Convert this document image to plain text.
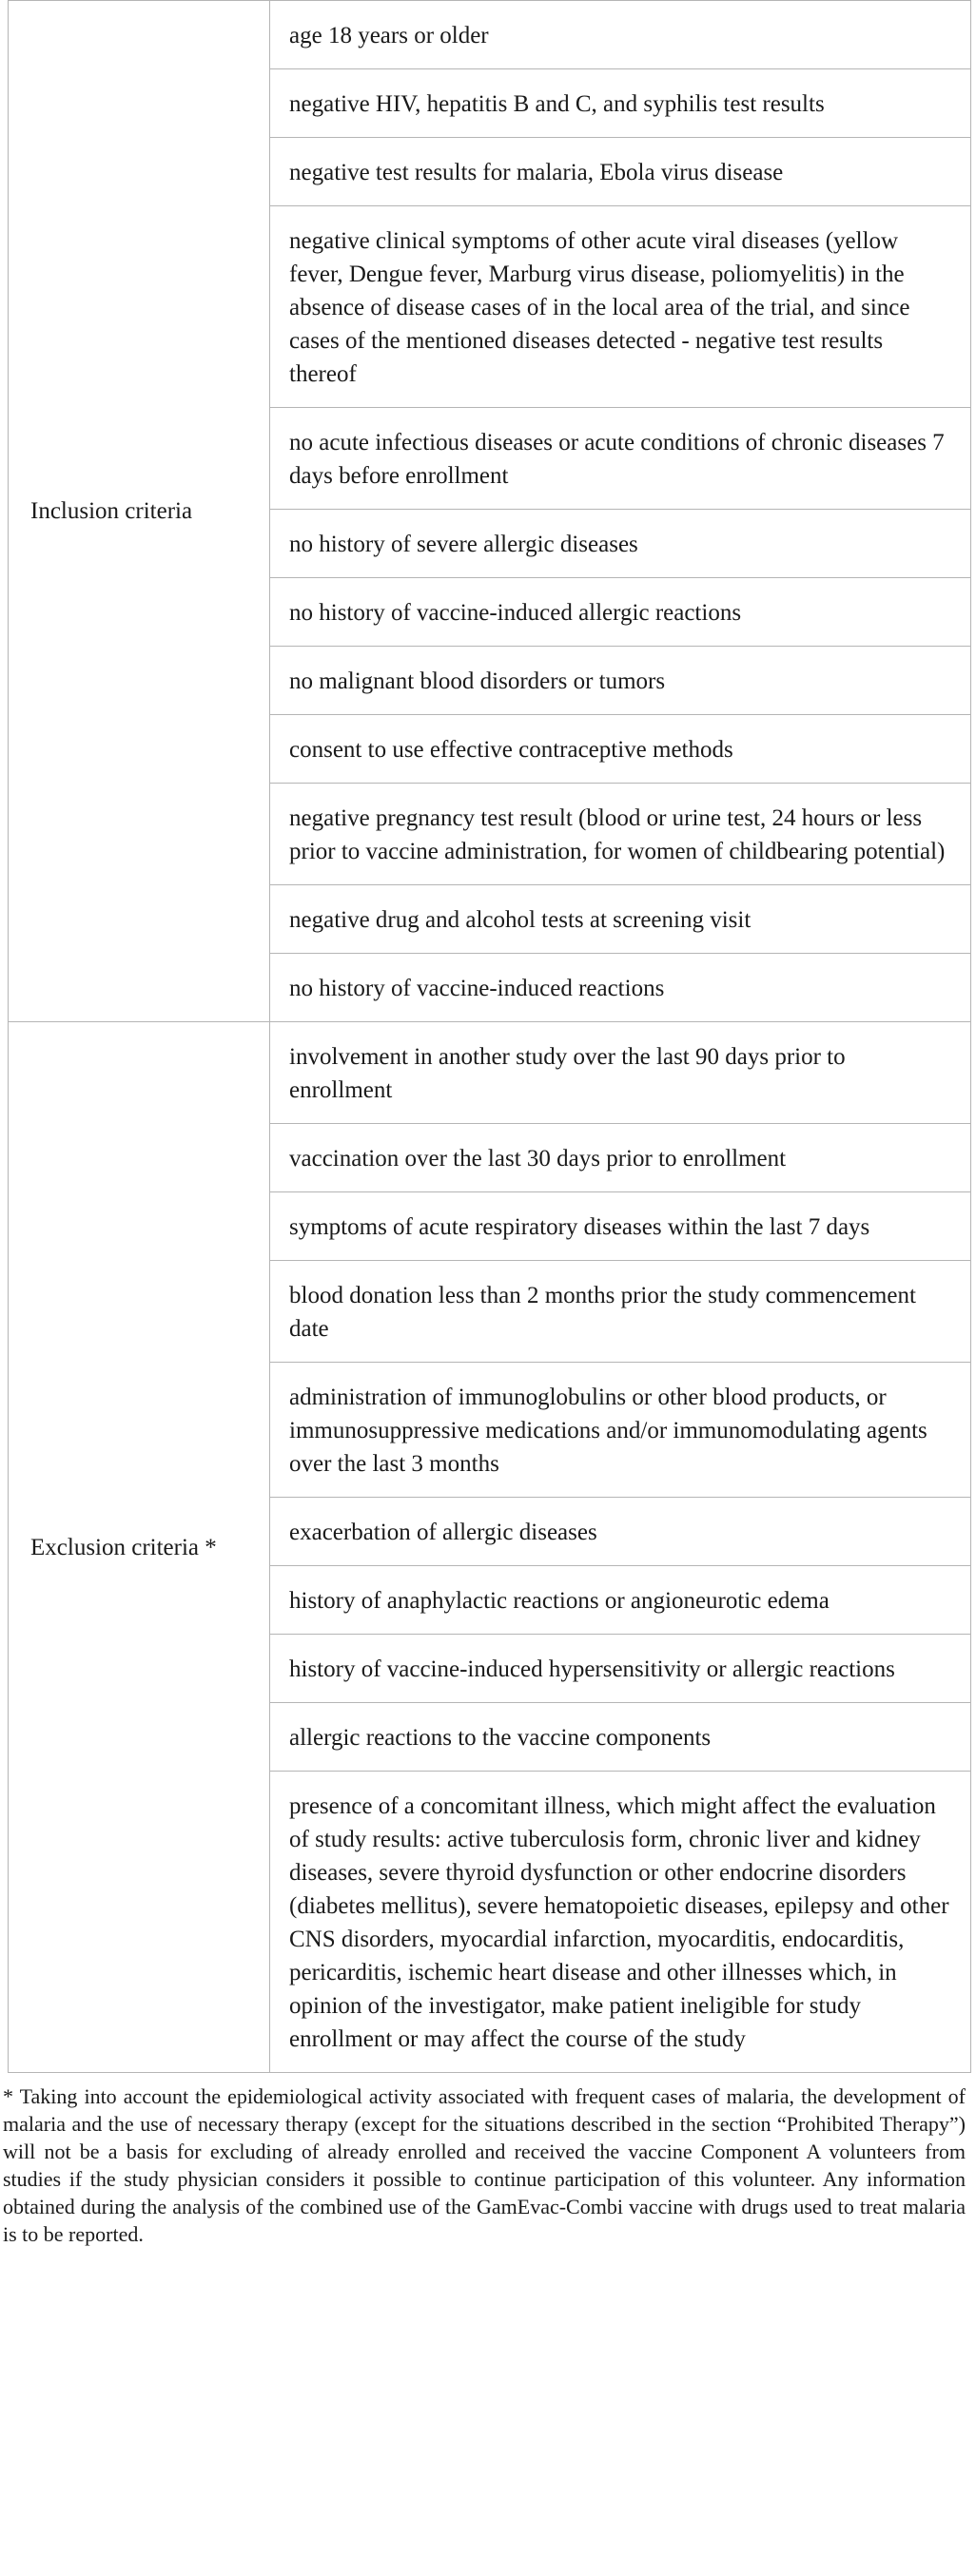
Inclusion criteria	age 18 years or older
	negative HIV, hepatitis B and C, and syphilis test results
	negative test results for malaria, Ebola virus disease
	negative clinical symptoms of other acute viral diseases (yellow fever, Dengue fever, Marburg virus disease, poliomyelitis) in the absence of disease cases of in the local area of the trial, and since cases of the mentioned diseases detected - negative test results thereof
	no acute infectious diseases or acute conditions of chronic diseases 7 days before enrollment
	no history of severe allergic diseases
	no history of vaccine-induced allergic reactions
	no malignant blood disorders or tumors
	consent to use effective contraceptive methods
	negative pregnancy test result (blood or urine test, 24 hours or less prior to vaccine administration, for women of childbearing potential)
	negative drug and alcohol tests at screening visit
	no history of vaccine-induced reactions
Exclusion criteria *	involvement in another study over the last 90 days prior to enrollment
	vaccination over the last 30 days prior to enrollment
	symptoms of acute respiratory diseases within the last 7 days
	blood donation less than 2 months prior the study commencement date
	administration of immunoglobulins or other blood products, or immunosuppressive medications and/or immunomodulating agents over the last 3 months
	exacerbation of allergic diseases
	history of anaphylactic reactions or angioneurotic edema
	history of vaccine-induced hypersensitivity or allergic reactions
	allergic reactions to the vaccine components
	presence of a concomitant illness, which might affect the evaluation of study results: active tuberculosis form, chronic liver and kidney diseases, severe thyroid dysfunction or other endocrine disorders (diabetes mellitus), severe hematopoietic diseases, epilepsy and other CNS disorders, myocardial infarction, myocarditis, endocarditis, pericarditis, ischemic heart disease and other illnesses which, in opinion of the investigator, make patient ineligible for study enrollment or may affect the course of the study

* Taking into account the epidemiological activity associated with frequent cases of malaria, the development of malaria and the use of necessary therapy (except for the situations described in the section “Prohibited Therapy”) will not be a basis for excluding of already enrolled and received the vaccine Component A volunteers from studies if the study physician considers it possible to continue participation of this volunteer. Any information obtained during the analysis of the combined use of the GamEvac-Combi vaccine with drugs used to treat malaria is to be reported.
